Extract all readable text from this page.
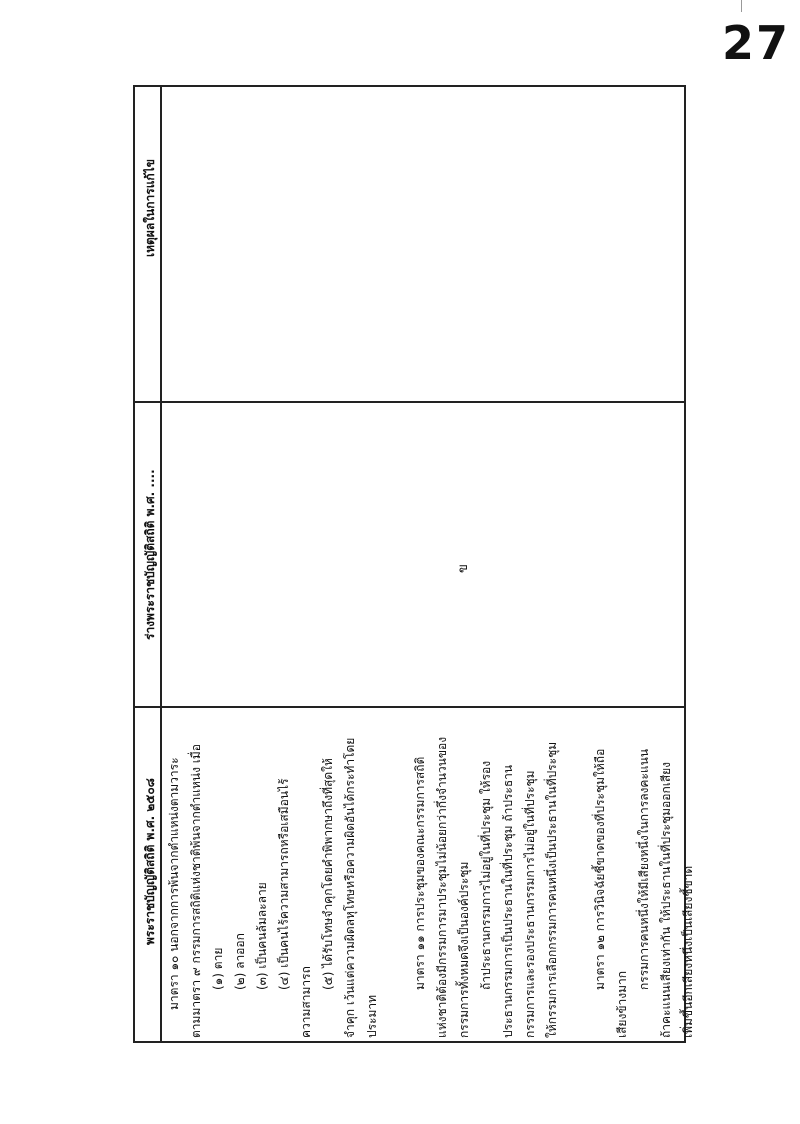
27
ข
พระราชบัญญัติสถิติ พ.ศ. ๒๕๐๘
ร่างพระราชบัญญัติสถิติ พ.ศ. ....
เหตุผลในการแก้ไข
มาตรา ๑๐ นอกจากการพ้นจากตำแหน่งตามวาระ ตามมาตรา ๙ กรรมการสถิติแห่งชาติพ้นจากตำแหน่ง เมื่อ (๑) ตาย (๒) ลาออก (๓) เป็นคนล้มละลาย (๔) เป็นคนไร้ความสามารถหรือเสมือนไร้
ความสามารถ
(๕) ได้รับโทษจำคุกโดยคำพิพากษาถึงที่สุดให้ จำคุก เว้นแต่ความผิดลหุโทษหรือความผิดอันได้กระทำโดย ประมาท
มาตรา ๑๑ การประชุมของคณะกรรมการสถิติ แห่งชาติต้องมีกรรมการมาประชุมไม่น้อยกว่ากึ่งจำนวนของ กรรมการทั้งหมดจึงเป็นองค์ประชุม ถ้าประธานกรรมการไม่อยู่ในที่ประชุม ให้รอง ประธานกรรมการเป็นประธานในที่ประชุม ถ้าประธาน กรรมการและรองประธานกรรมการไม่อยู่ในที่ประชุม ให้กรรมการเลือกกรรมการคนหนึ่งเป็นประธานในที่ประชุม	มาตรา ๑๒ การวินิจฉัยชี้ขาดของที่ประชุมให้ถือ
เสียงข้างมาก
กรรมการคนหนึ่งให้มีเสียงหนึ่งในการลงคะแนน ถ้าคะแนนเสียงเท่ากัน ให้ประธานในที่ประชุมออกเสียง เพิ่มขึ้นอีกเสียงหนึ่งเป็นเสียงชี้ขาด
